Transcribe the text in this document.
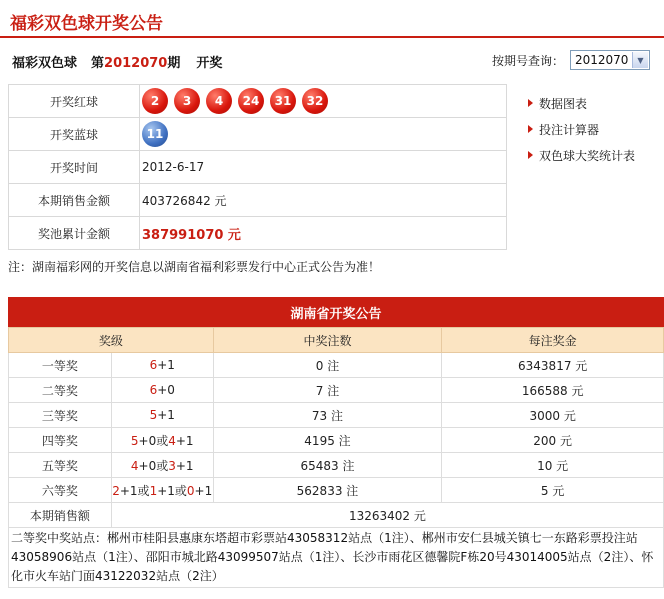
福彩双色球开奖公告
福彩双色球 第2012070期 开奖	按期号查询： 2012070	▼
开奖红球	2 3 4 24 31 32
开奖蓝球	11
开奖时间	2012-6-17
本期销售金额	403726842 元
奖池累计金额	387991070 元
数据图表
投注计算器
双色球大奖统计表
注：湖南福彩网的开奖信息以湖南省福利彩票发行中心正式公告为准！
湖南省开奖公告
奖级		中奖注数	每注奖金
一等奖	6+1	0 注	6343817 元
二等奖	6+0	7 注	166588 元
三等奖	5+1	73 注	3000 元
四等奖	5+0或4+1	4195 注	200 元
五等奖	4+0或3+1	65483 注	10 元
六等奖	2+1或1+1或0+1	562833 注	5 元
本期销售额	13263402 元		
二等奖中奖站点：郴州市桂阳县惠康东塔超市彩票站43058312站点（1注）、郴州市安仁县城关镇七一东路彩票投注站43058906站点（1注）、邵阳市城北路43099507站点（1注）、长沙市雨花区德馨院F栋20号43014005站点（2注）、怀化市火车站门面43122032站点（2注）
